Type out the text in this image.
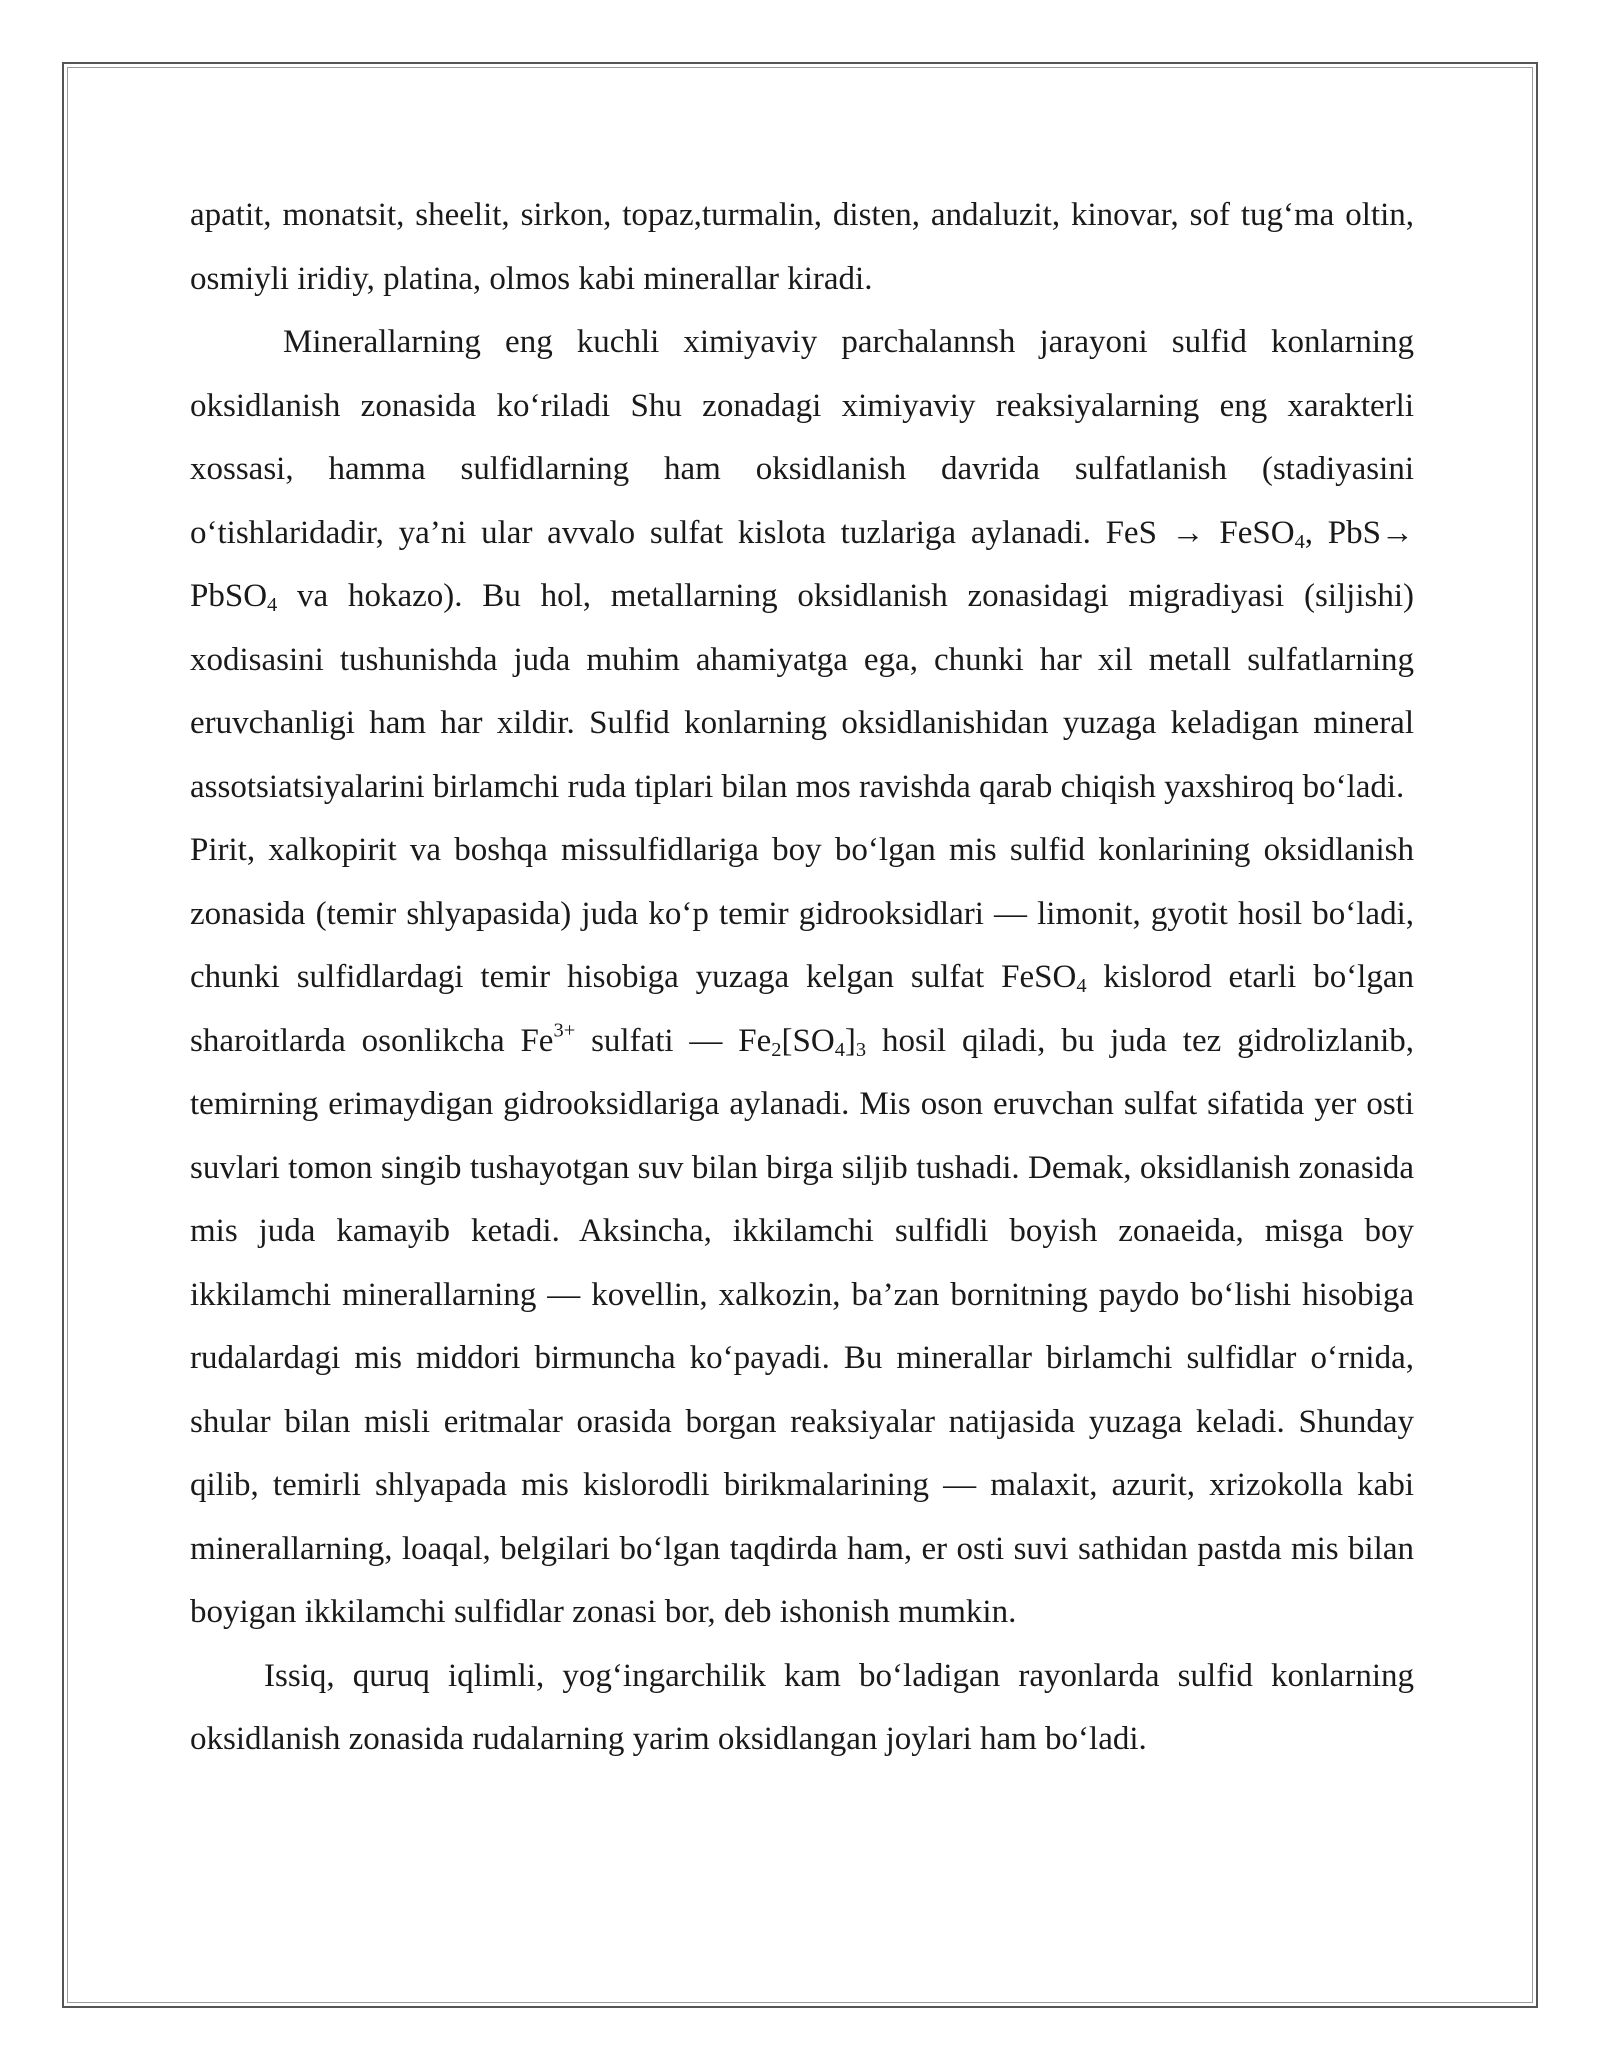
apatit, monatsit, sheelit, sirkon, topaz,turmalin, disten, andaluzit, kinovar, sof tug‘ma oltin, osmiyli iridiy, platina, olmos kabi minerallar kiradi.

Minerallarning eng kuchli ximiyaviy parchalannsh jarayoni sulfid konlarning oksidlanish zonasida ko‘riladi Shu zonadagi ximiyaviy reaksiyalarning eng xarakterli xossasi, hamma sulfidlarning ham oksidlanish davrida sulfatlanish (stadiyasini o‘tishlaridadir, ya’ni ular avvalo sulfat kislota tuzlariga aylanadi. FeS → FeSO$_4$, PbS→ PbSO$_4$ va hokazo). Bu hol, metallarning oksidlanish zonasidagi migradiyasi (siljishi) xodisasini tushunishda juda muhim ahamiyatga ega, chunki har xil metall sulfatlarning eruvchanligi ham har xildir. Sulfid konlarning oksidlanishidan yuzaga keladigan mineral assotsiatsiyalarini birlamchi ruda tiplari bilan mos ravishda qarab chiqish yaxshiroq bo‘ladi.

Pirit, xalkopirit va boshqa missulfidlariga boy bo‘lgan mis sulfid konlarining oksidlanish zonasida (temir shlyapasida) juda ko‘p temir gidrooksidlari — limonit, gyotit hosil bo‘ladi, chunki sulfidlardagi temir hisobiga yuzaga kelgan sulfat FeSO$_4$ kislorod etarli bo‘lgan sharoitlarda osonlikcha $Fe^{3+}$ sulfati — $Fe_2[SO_4]_3$ hosil qiladi, bu juda tez gidrolizlanib, temirning erimaydigan gidrooksidlariga aylanadi. Mis oson eruvchan sulfat sifatida yer osti suvlari tomon singib tushayotgan suv bilan birga siljib tushadi. Demak, oksidlanish zonasida mis juda kamayib ketadi. Aksincha, ikkilamchi sulfidli boyish zonaeida, misga boy ikkilamchi minerallarning — kovellin, xalkozin, ba’zan bornitning paydo bo‘lishi hisobiga rudalardagi mis middori birmuncha ko‘payadi. Bu minerallar birlamchi sulfidlar o‘rnida, shular bilan misli eritmalar orasida borgan reaksiyalar natijasida yuzaga keladi. Shunday qilib, temirli shlyapada mis kislorodli birikmalarining — malaxit, azurit, xrizokolla kabi minerallarning, loaqal, belgilari bo‘lgan taqdirda ham, er osti suvi sathidan pastda mis bilan boyigan ikkilamchi sulfidlar zonasi bor, deb ishonish mumkin.

Issiq, quruq iqlimli, yog‘ingarchilik kam bo‘ladigan rayonlarda sulfid konlarning oksidlanish zonasida rudalarning yarim oksidlangan joylari ham bo‘ladi.
